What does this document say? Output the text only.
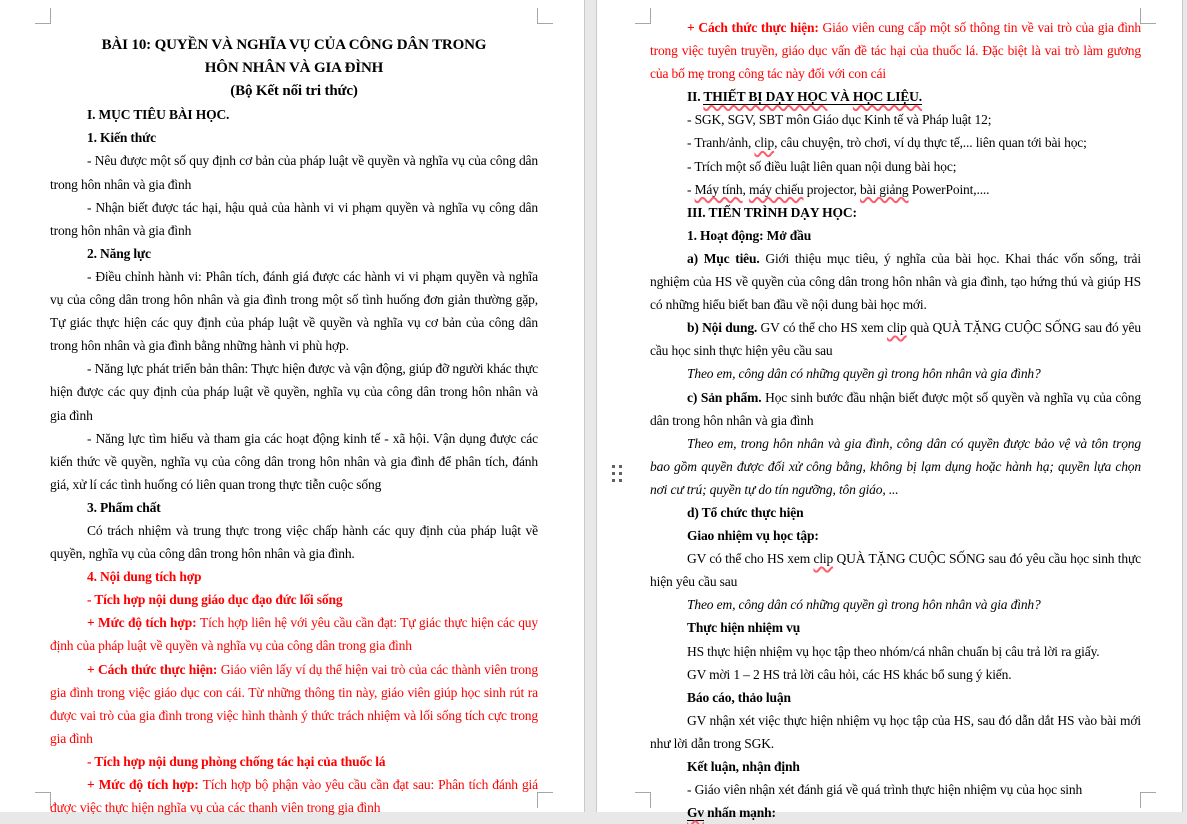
BÀI 10: QUYỀN VÀ NGHĨA VỤ CỦA CÔNG DÂN TRONG

HÔN NHÂN VÀ GIA ĐÌNH

(Bộ Kết nối tri thức)

I. MỤC TIÊU BÀI HỌC.

1. Kiến thức

- Nêu được một số quy định cơ bản của pháp luật về quyền và nghĩa vụ của công dân trong hôn nhân và gia đình

- Nhận biết được tác hại, hậu quả của hành vi vi phạm quyền và nghĩa vụ công dân trong hôn nhân và gia đình

2. Năng lực

- Điều chỉnh hành vi: Phân tích, đánh giá được các hành vi vi phạm quyền và nghĩa vụ của công dân trong hôn nhân và gia đình trong một số tình huống đơn giản thường gặp, Tự giác thực hiện các quy định của pháp luật về quyền và nghĩa vụ cơ bản của công dân trong hôn nhân và gia đình bằng những hành vi phù hợp.

- Năng lực phát triển bản thân: Thực hiện được và vận động, giúp đỡ người khác thực hiện được các quy định của pháp luật về quyền, nghĩa vụ của công dân trong hôn nhân và gia đình

- Năng lực tìm hiểu và tham gia các hoạt động kinh tế - xã hội. Vận dụng được các kiến thức về quyền, nghĩa vụ của công dân trong hôn nhân và gia đình để phân tích, đánh giá, xử lí các tình huống có liên quan trong thực tiễn cuộc sống

3. Phẩm chất

Có trách nhiệm và trung thực trong việc chấp hành các quy định của pháp luật về quyền, nghĩa vụ của công dân trong hôn nhân và gia đình.

4. Nội dung tích hợp

- Tích hợp nội dung giáo dục đạo đức lối sống

+ Mức độ tích hợp: Tích hợp liên hệ với yêu cầu cần đạt: Tự giác thực hiện các quy định của pháp luật về quyền và nghĩa vụ của công dân trong gia đình

+ Cách thức thực hiện: Giáo viên lấy ví dụ thể hiện vai trò của các thành viên trong gia đình trong việc giáo dục con cái. Từ những thông tin này, giáo viên giúp học sinh rút ra được vai trò của gia đình trong việc hình thành ý thức trách nhiệm và lối sống tích cực trong gia đình

- Tích hợp nội dung phòng chống tác hại của thuốc lá

+ Mức độ tích hợp: Tích hợp bộ phận vào yêu cầu cần đạt sau: Phân tích đánh giá được việc thực hiện nghĩa vụ của các thanh viên trong gia đình

+ Cách thức thực hiện: Giáo viên cung cấp một số thông tin về vai trò của gia đình trong việc tuyên truyền, giáo dục vấn đề tác hại của thuốc lá. Đặc biệt là vai trò làm gương của bố mẹ trong công tác này đối với con cái

II. THIẾT BỊ DẠY HỌC VÀ HỌC LIỆU.

- SGK, SGV, SBT môn Giáo dục Kinh tế và Pháp luật 12;

- Tranh/ảnh, clip, câu chuyện, trò chơi, ví dụ thực tế,... liên quan tới bài học;

- Trích một số điều luật liên quan nội dung bài học;

- Máy tính, máy chiếu projector, bài giảng PowerPoint,....

III. TIẾN TRÌNH DẠY HỌC:

1. Hoạt động: Mở đầu

a) Mục tiêu. Giới thiệu mục tiêu, ý nghĩa của bài học. Khai thác vốn sống, trải nghiệm của HS về quyền của công dân trong hôn nhân và gia đình, tạo hứng thú và giúp HS có những hiểu biết ban đầu về nội dung bài học mới.

b) Nội dung. GV có thể cho HS xem clip quà QUÀ TẶNG CUỘC SỐNG sau đó yêu cầu học sinh thực hiện yêu cầu sau

Theo em, công dân có những quyền gì trong hôn nhân và gia đình?

c) Sản phẩm. Học sinh bước đầu nhận biết được một số quyền và nghĩa vụ của công dân trong hôn nhân và gia đình

Theo em, trong hôn nhân và gia đình, công dân có quyền được bảo vệ và tôn trọng bao gồm quyền được đối xử công bằng, không bị lạm dụng hoặc hành hạ; quyền lựa chọn nơi cư trú; quyền tự do tín ngưỡng, tôn giáo, ...

d) Tổ chức thực hiện

Giao nhiệm vụ học tập:

GV có thể cho HS xem clip QUÀ TẶNG CUỘC SỐNG sau đó yêu cầu học sinh thực hiện yêu cầu sau

Theo em, công dân có những quyền gì trong hôn nhân và gia đình?

Thực hiện nhiệm vụ

HS thực hiện nhiệm vụ học tập theo nhóm/cá nhân chuẩn bị câu trả lời ra giấy.

GV mời 1 – 2 HS trả lời câu hỏi, các HS khác bổ sung ý kiến.

Báo cáo, thảo luận

GV nhận xét việc thực hiện nhiệm vụ học tập của HS, sau đó dẫn dắt HS vào bài mới như lời dẫn trong SGK.

Kết luận, nhận định

- Giáo viên nhận xét đánh giá về quá trình thực hiện nhiệm vụ của học sinh

Gv nhấn mạnh:
